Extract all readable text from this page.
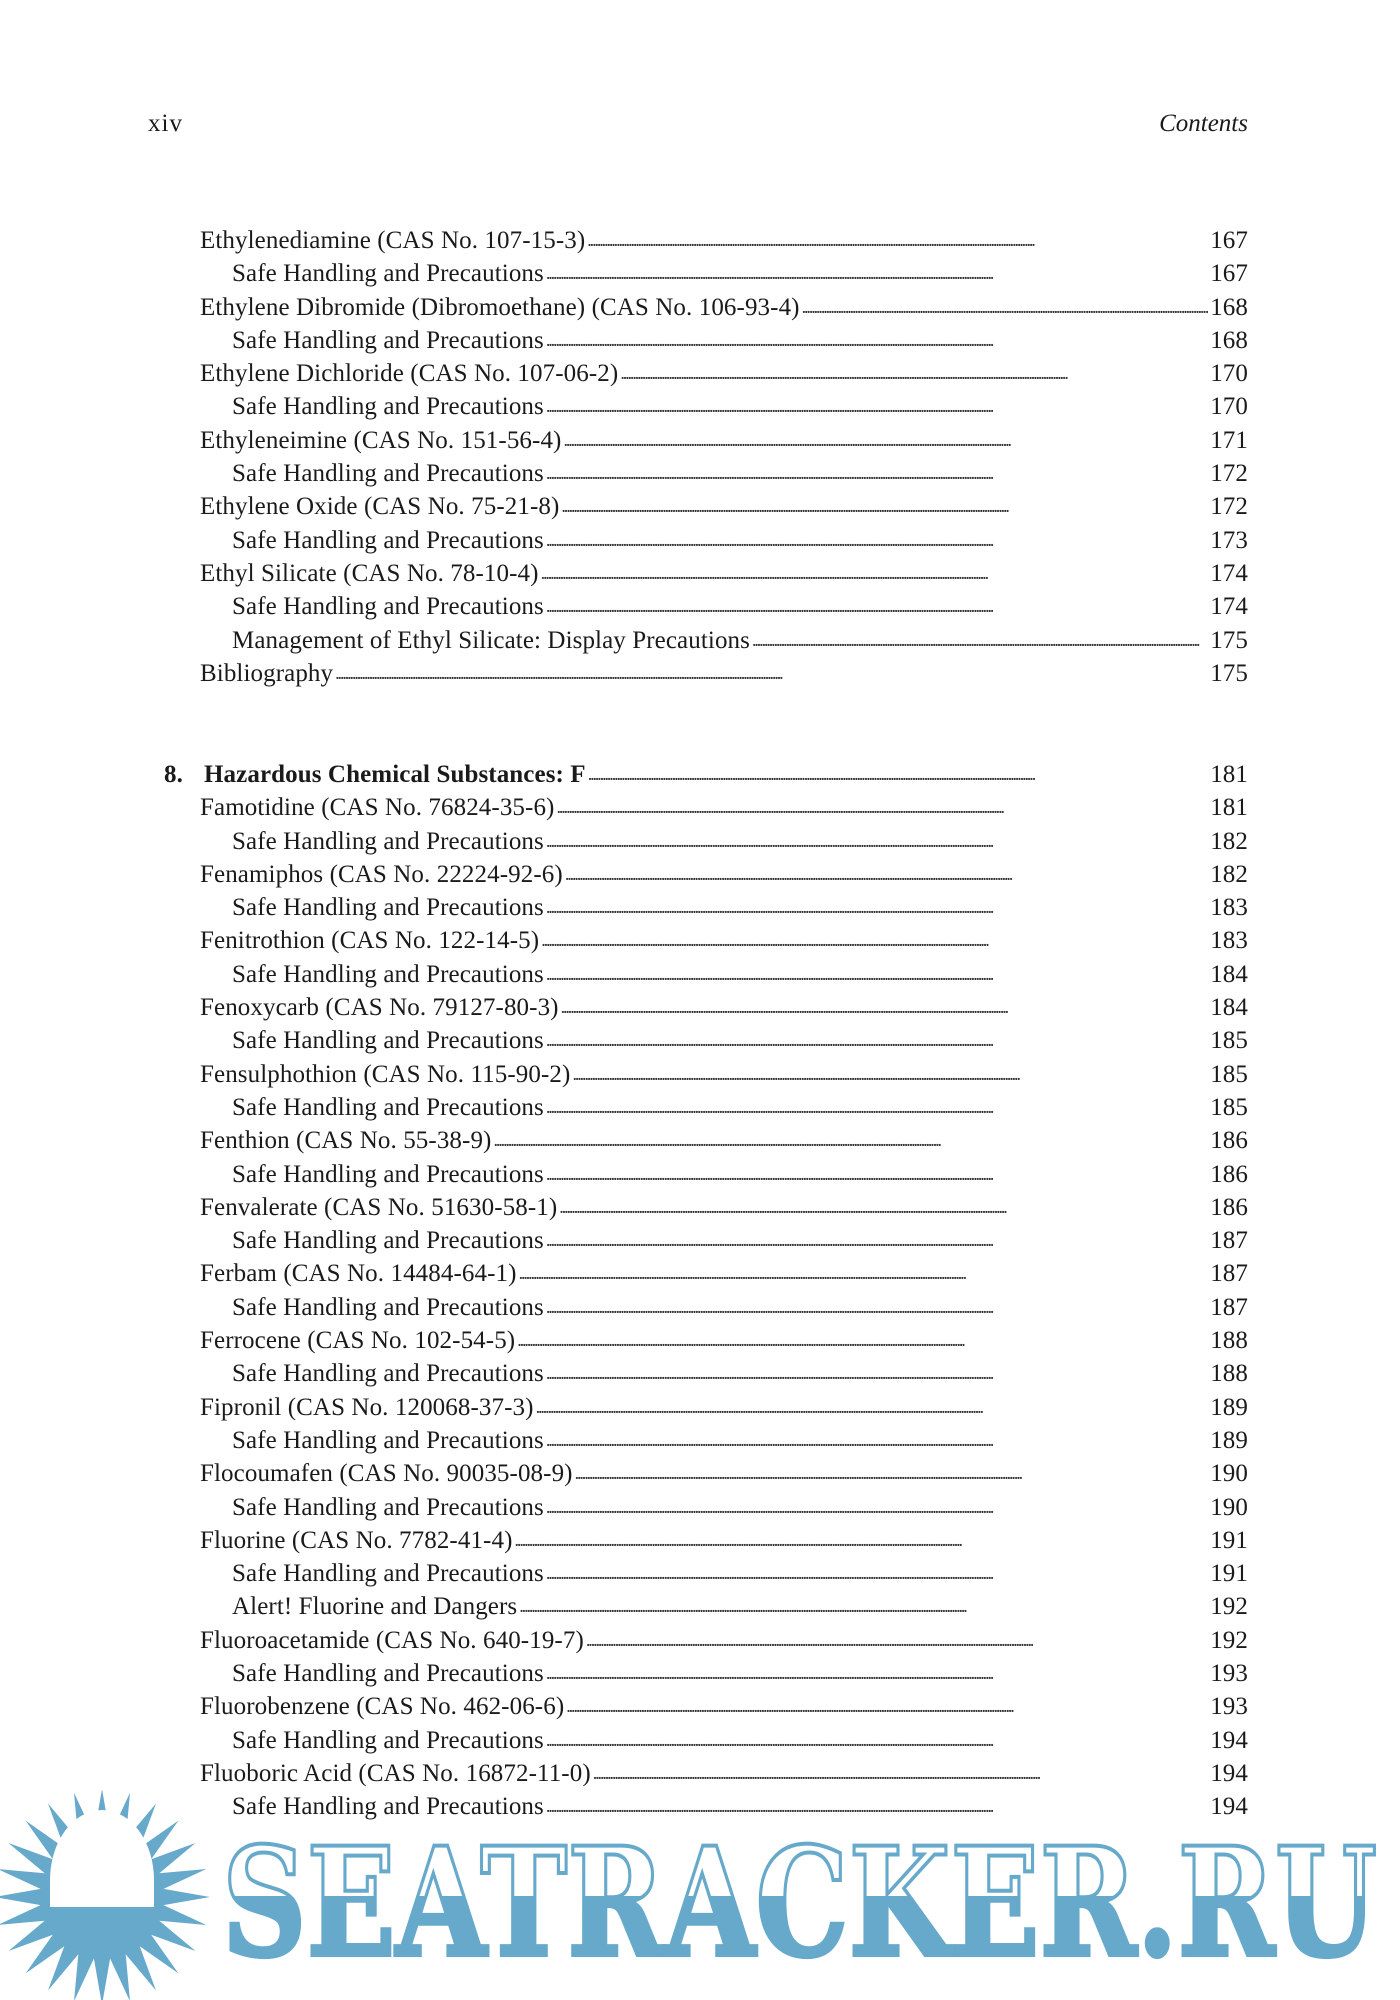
xiv	Contents
Ethylenediamine (CAS No. 107-15-3) . . .	167
Safe Handling and Precautions . . .	167
Ethylene Dibromide (Dibromoethane) (CAS No. 106-93-4) . . .	168
Safe Handling and Precautions . . .	168
Ethylene Dichloride (CAS No. 107-06-2) . . .	170
Safe Handling and Precautions . . .	170
Ethyleneimine (CAS No. 151-56-4) . . .	171
Safe Handling and Precautions . . .	172
Ethylene Oxide (CAS No. 75-21-8) . . .	172
Safe Handling and Precautions . . .	173
Ethyl Silicate (CAS No. 78-10-4) . . .	174
Safe Handling and Precautions . . .	174
Management of Ethyl Silicate: Display Precautions . . .	175
Bibliography . . .	175
8. Hazardous Chemical Substances: F . . .	181
Famotidine (CAS No. 76824-35-6) . . .	181
Safe Handling and Precautions . . .	182
Fenamiphos (CAS No. 22224-92-6) . . .	182
Safe Handling and Precautions . . .	183
Fenitrothion (CAS No. 122-14-5) . . .	183
Safe Handling and Precautions . . .	184
Fenoxycarb (CAS No. 79127-80-3) . . .	184
Safe Handling and Precautions . . .	185
Fensulphothion (CAS No. 115-90-2) . . .	185
Safe Handling and Precautions . . .	185
Fenthion (CAS No. 55-38-9) . . .	186
Safe Handling and Precautions . . .	186
Fenvalerate (CAS No. 51630-58-1) . . .	186
Safe Handling and Precautions . . .	187
Ferbam (CAS No. 14484-64-1) . . .	187
Safe Handling and Precautions . . .	187
Ferrocene (CAS No. 102-54-5) . . .	188
Safe Handling and Precautions . . .	188
Fipronil (CAS No. 120068-37-3) . . .	189
Safe Handling and Precautions . . .	189
Flocoumafen (CAS No. 90035-08-9) . . .	190
Safe Handling and Precautions . . .	190
Fluorine (CAS No. 7782-41-4) . . .	191
Safe Handling and Precautions . . .	191
Alert! Fluorine and Dangers . . .	192
Fluoroacetamide (CAS No. 640-19-7) . . .	192
Safe Handling and Precautions . . .	193
Fluorobenzene (CAS No. 462-06-6) . . .	193
Safe Handling and Precautions . . .	194
Fluoboric Acid (CAS No. 16872-11-0) . . .	194
Safe Handling and Precautions . . .	194
SEATRACKER.RU
